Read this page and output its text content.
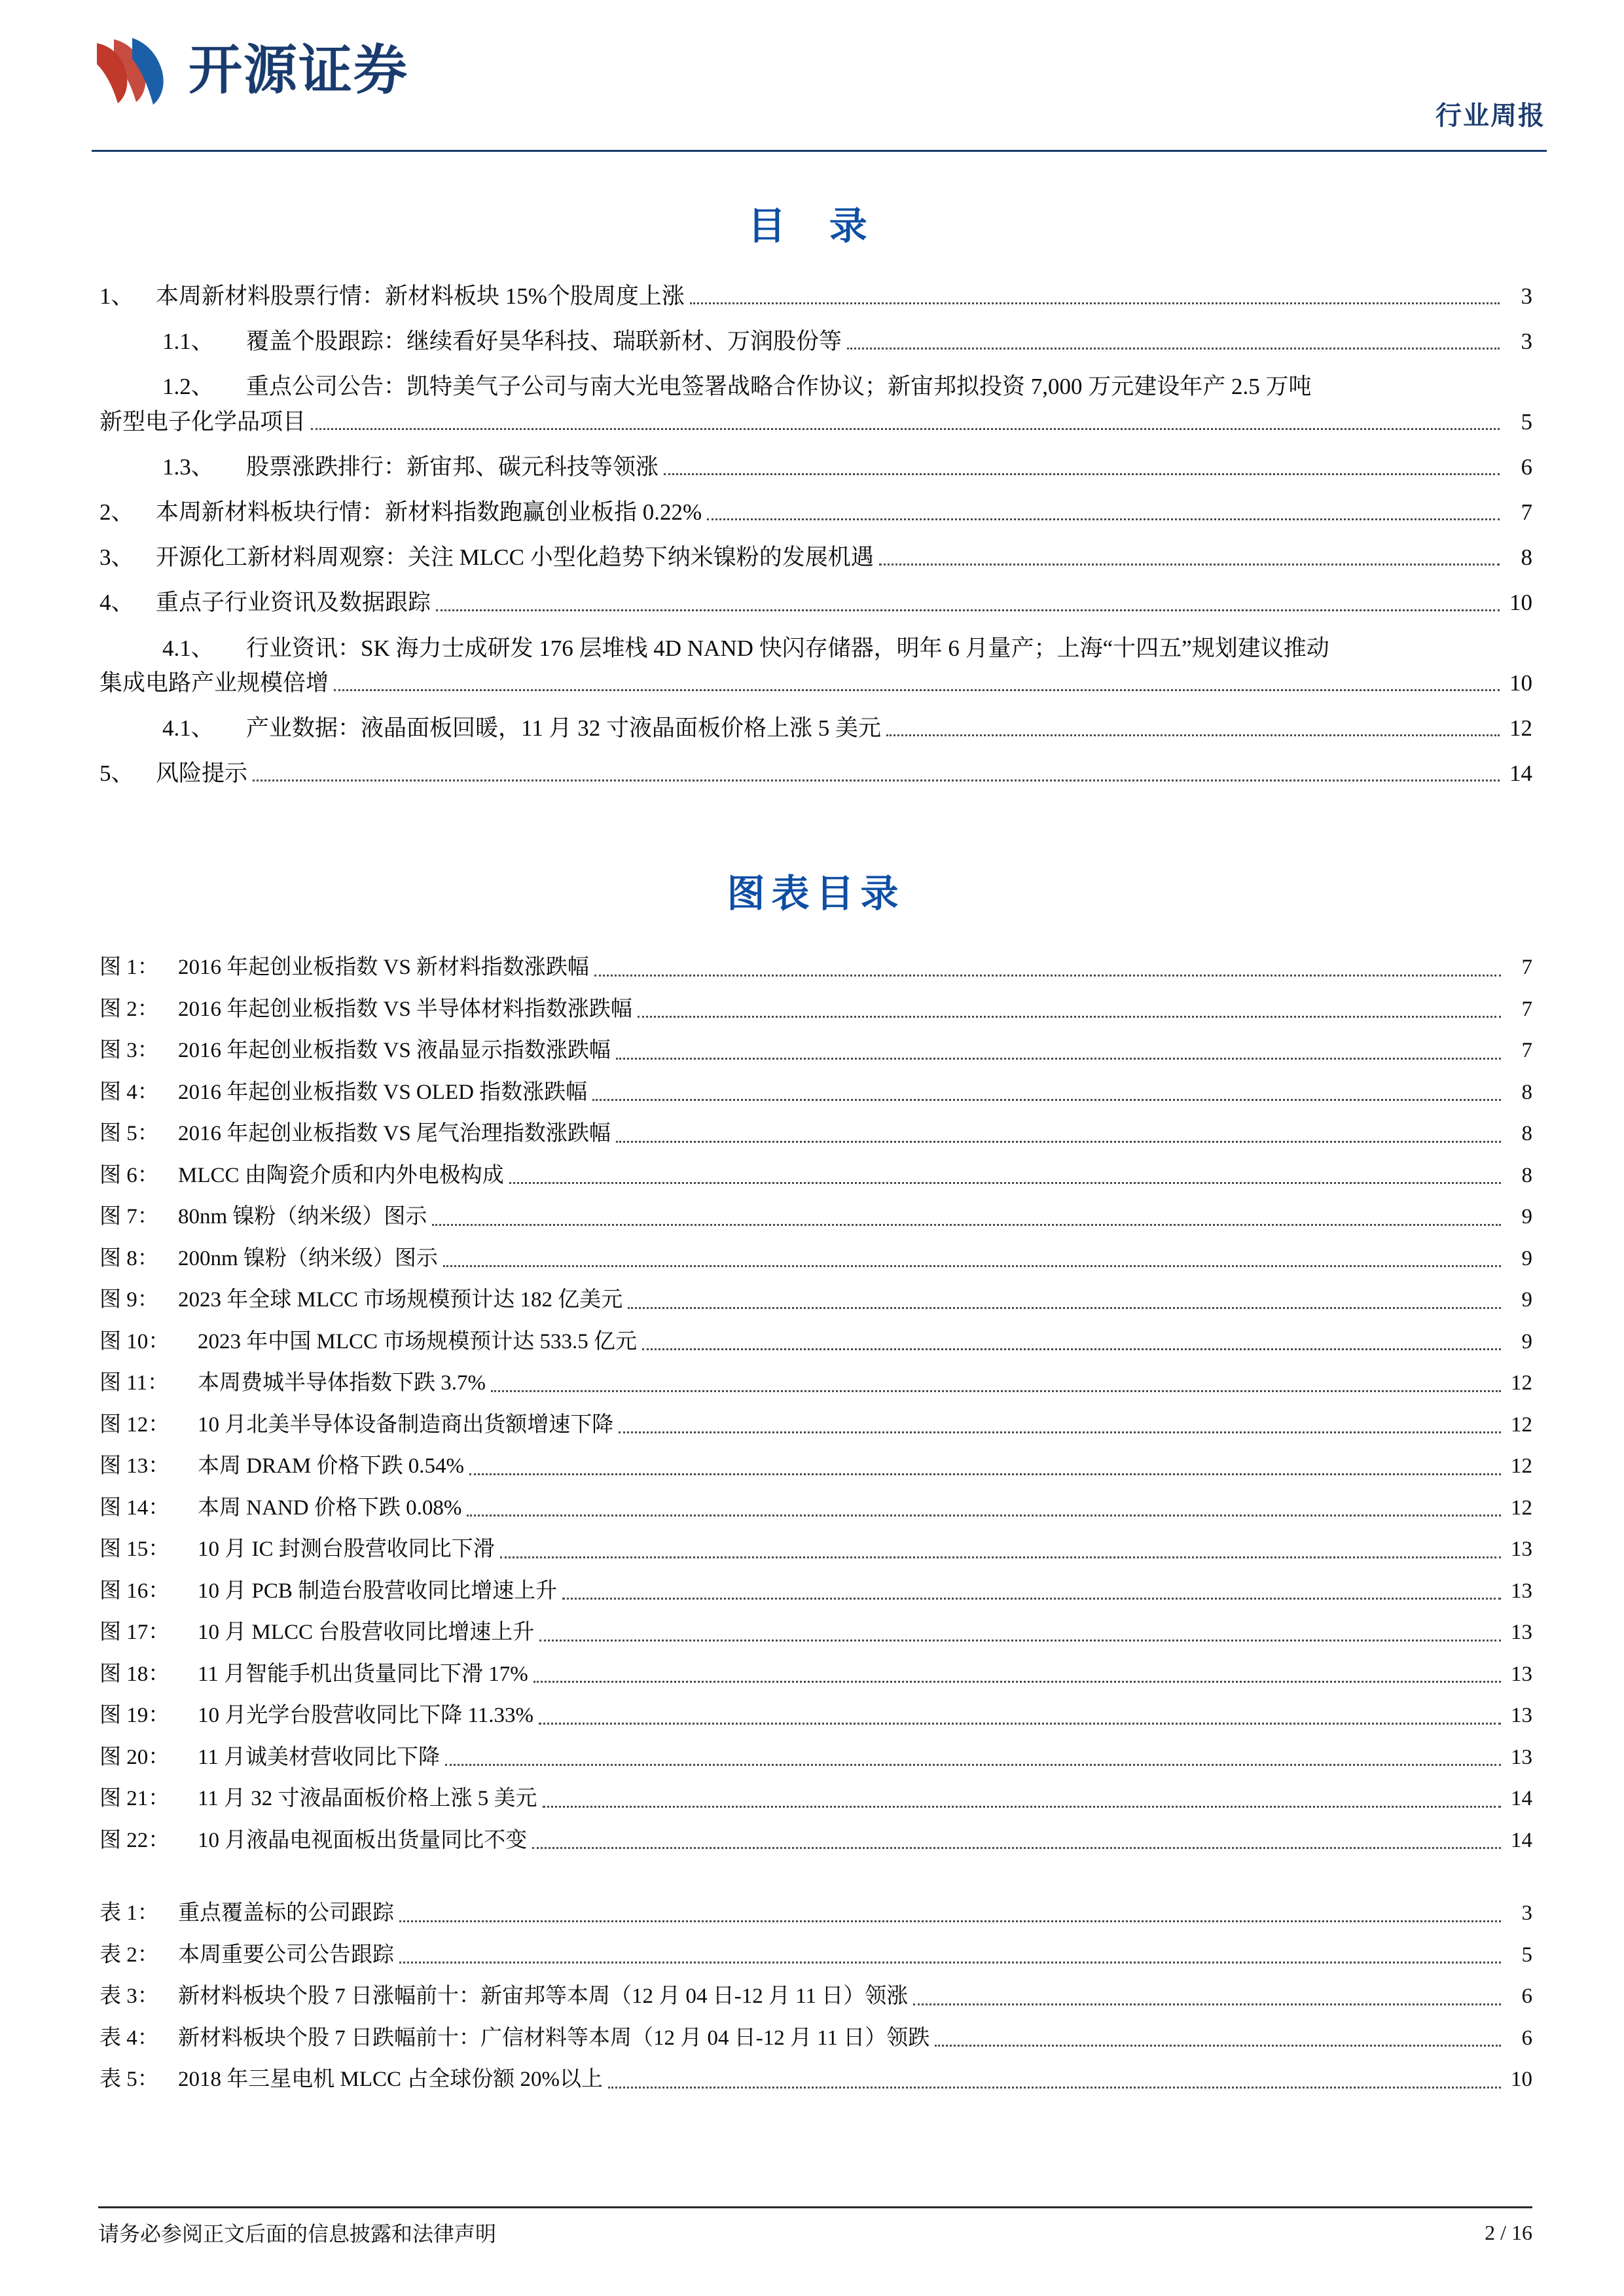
开源证券
行业周报
目 录
1、 本周新材料股票行情：新材料板块 15%个股周度上涨	3
1.1、	覆盖个股跟踪：继续看好昊华科技、瑞联新材、万润股份等	3
1.2、	重点公司公告：凯特美气子公司与南大光电签署战略合作协议；新宙邦拟投资 7,000 万元建设年产 2.5 万吨
新型电子化学品项目	5
1.3、	股票涨跌排行：新宙邦、碳元科技等领涨	6
2、 本周新材料板块行情：新材料指数跑赢创业板指 0.22%	7
3、 开源化工新材料周观察：关注 MLCC 小型化趋势下纳米镍粉的发展机遇	8
4、 重点子行业资讯及数据跟踪	10
4.1、	行业资讯：SK 海力士成研发 176 层堆栈 4D NAND 快闪存储器，明年 6 月量产；上海“十四五”规划建议推动
集成电路产业规模倍增	10
4.1、	产业数据：液晶面板回暖，11 月 32 寸液晶面板价格上涨 5 美元	12
5、 风险提示	14
图表目录
图 1： 2016 年起创业板指数 VS 新材料指数涨跌幅	7
图 2： 2016 年起创业板指数 VS 半导体材料指数涨跌幅	7
图 3： 2016 年起创业板指数 VS 液晶显示指数涨跌幅	7
图 4： 2016 年起创业板指数 VS OLED 指数涨跌幅	8
图 5： 2016 年起创业板指数 VS 尾气治理指数涨跌幅	8
图 6： MLCC 由陶瓷介质和内外电极构成	8
图 7： 80nm 镍粉（纳米级）图示	9
图 8： 200nm 镍粉（纳米级）图示	9
图 9： 2023 年全球 MLCC 市场规模预计达 182 亿美元	9
图 10：	2023 年中国 MLCC 市场规模预计达 533.5 亿元	9
图 11：	本周费城半导体指数下跌 3.7%	12
图 12：	10 月北美半导体设备制造商出货额增速下降	12
图 13：	本周 DRAM 价格下跌 0.54%	12
图 14：	本周 NAND 价格下跌 0.08%	12
图 15：	10 月 IC 封测台股营收同比下滑	13
图 16：	10 月 PCB 制造台股营收同比增速上升	13
图 17：	10 月 MLCC 台股营收同比增速上升	13
图 18：	11 月智能手机出货量同比下滑 17%	13
图 19：	10 月光学台股营收同比下降 11.33%	13
图 20：	11 月诚美材营收同比下降	13
图 21：	11 月 32 寸液晶面板价格上涨 5 美元	14
图 22：	10 月液晶电视面板出货量同比不变	14
表 1： 重点覆盖标的公司跟踪	3
表 2： 本周重要公司公告跟踪	5
表 3： 新材料板块个股 7 日涨幅前十：新宙邦等本周（12 月 04 日-12 月 11 日）领涨	6
表 4： 新材料板块个股 7 日跌幅前十：广信材料等本周（12 月 04 日-12 月 11 日）领跌	6
表 5： 2018 年三星电机 MLCC 占全球份额 20%以上	10
请务必参阅正文后面的信息披露和法律声明	2 / 16
